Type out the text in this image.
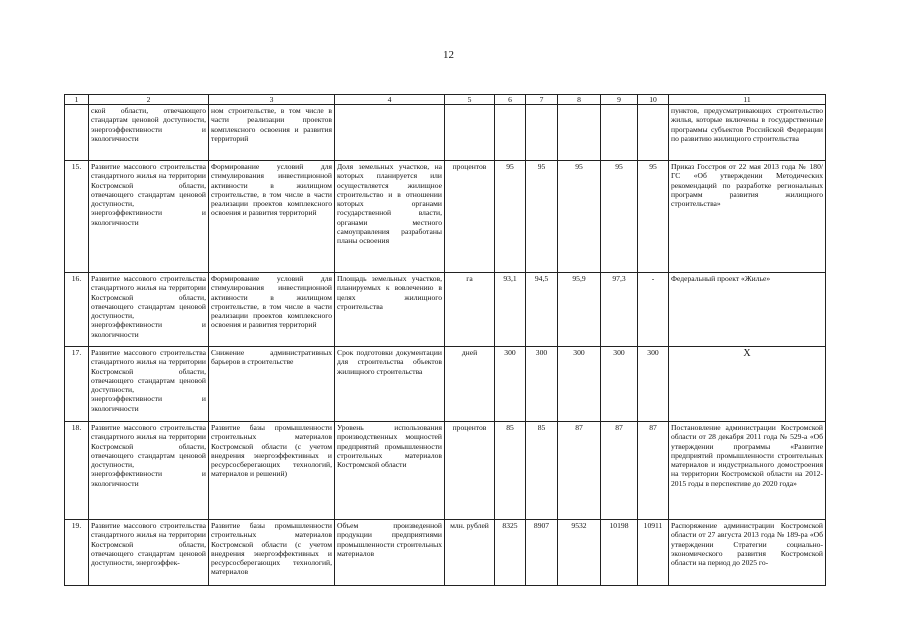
12
1	2	3	4	5	6	7	8	9	10	11
	ской области, отвечающего стандартам ценовой доступности, энергоэффективности и экологичности	ном строительстве, в том числе в части реализации проектов комплексного освоения и развития территорий								пунктов, предусматривающих строительство жилья, которые включены в государственные программы субъектов Российской Федерации по развитию жилищного строительства
15.	Развитие массового строительства стандартного жилья на территории Костромской области, отвечающего стандартам ценовой доступности, энергоэффективности и экологичности	Формирование условий для стимулирования инвестиционной активности в жилищном строительстве, в том числе в части реализации проектов комплексного освоения и развития территорий	Доля земельных участков, на которых планируется или осуществляется жилищное строительство и в отношении которых органами государственной власти, органами местного самоуправления разработаны планы освоения	процентов	95	95	95	95	95	Приказ Госстроя от 22 мая 2013 года № 180/ГС «Об утверждении Методических рекомендаций по разработке региональных программ развития жилищного строительства»
16.	Развитие массового строительства стандартного жилья на территории Костромской области, отвечающего стандартам ценовой доступности, энергоэффективности и экологичности	Формирование условий для стимулирования инвестиционной активности в жилищном строительстве, в том числе в части реализации проектов комплексного освоения и развития территорий	Площадь земельных участков, планируемых к вовлечению в целях жилищного строительства	га	93,1	94,5	95,9	97,3	-	Федеральный проект «Жилье»
17.	Развитие массового строительства стандартного жилья на территории Костромской области, отвечающего стандартам ценовой доступности, энергоэффективности и экологичности	Снижение административных барьеров в строительстве	Срок подготовки документации для строительства объектов жилищного строительства	дней	300	300	300	300	300	Х
18.	Развитие массового строительства стандартного жилья на территории Костромской области, отвечающего стандартам ценовой доступности, энергоэффективности и экологичности	Развитие базы промышленности строительных материалов Костромской области (с учетом внедрения энергоэффективных и ресурсосберегающих технологий, материалов и решений)	Уровень использования производственных мощностей предприятий промышленности строительных материалов Костромской области	процентов	85	85	87	87	87	Постановление администрации Костромской области от 28 декабря 2011 года № 529-а «Об утверждении программы «Развитие предприятий промышленности строительных материалов и индустриального домостроения на территории Костромской области на 2012-2015 годы в перспективе до 2020 года»
19.	Развитие массового строительства стандартного жилья на территории Костромской области, отвечающего стандартам ценовой доступности, энергоэффек-	Развитие базы промышленности строительных материалов Костромской области (с учетом внедрения энергоэффективных и ресурсосберегающих технологий, материалов	Объем произведенной продукции предприятиями промышленности строительных материалов	млн. рублей	8325	8907	9532	10198	10911	Распоряжение администрации Костромской области от 27 августа 2013 года № 189-ра «Об утверждении Стратегии социально-экономического развития Костромской области на период до 2025 го-
